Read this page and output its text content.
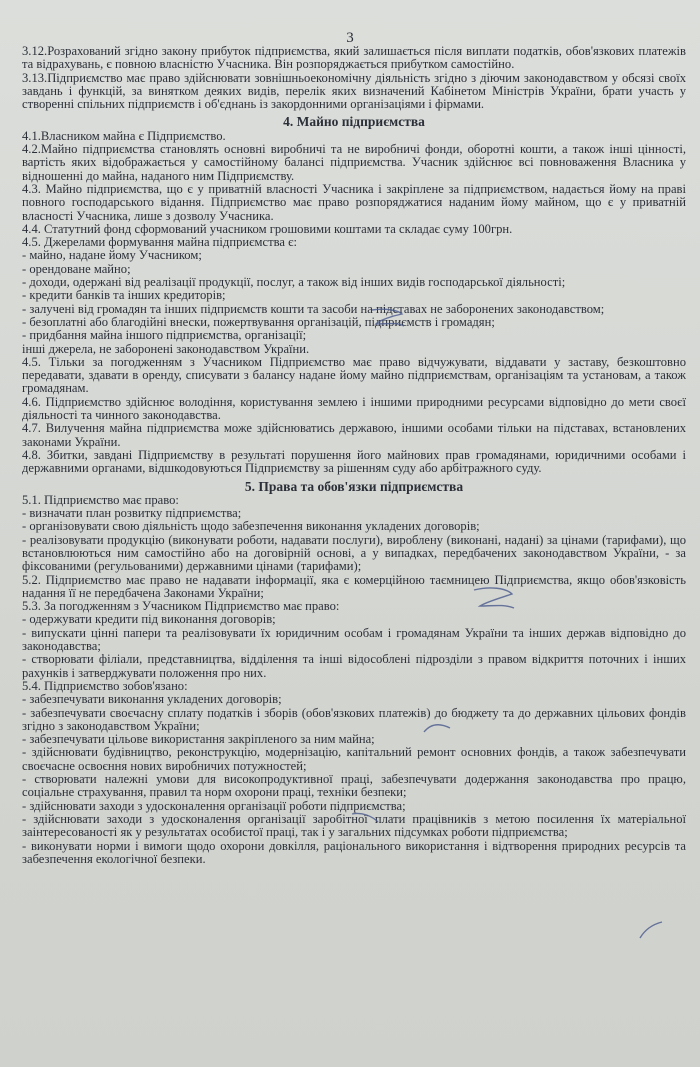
3

3.12.Розрахований згідно закону прибуток підприємства, який залишається після виплати податків, обов'язкових платежів та відрахувань, є повною власністю Учасника. Він розпоряджається прибутком самостійно.

3.13.Підприємство має право здійснювати зовнішньоекономічну діяльність згідно з діючим законодавством у обсязі своїх завдань і функцій, за винятком деяких видів, перелік яких визначений Кабінетом Міністрів України, брати участь у створенні спільних підприємств і об'єднань із закордонними організаціями і фірмами.

4. Майно підприємства

4.1.Власником майна є Підприємство.

4.2.Майно підприємства становлять основні виробничі та не виробничі фонди, оборотні кошти, а також інші цінності, вартість яких відображається у самостійному балансі підприємства. Учасник здійснює всі повноваження Власника у відношенні до майна, наданого ним Підприємству.

4.3. Майно підприємства, що є у приватній власності Учасника і закріплене за підприємством, надається йому на праві повного господарського відання. Підприємство має право розпоряджатися наданим йому майном, що є у приватній власності Учасника, лише з дозволу Учасника.

4.4. Статутний фонд сформований учасником грошовими коштами та складає суму 100грн.

4.5. Джерелами формування майна підприємства є:

- майно, надане йому Учасником;

- орендоване майно;

- доходи, одержані від реалізації продукції, послуг, а також від інших видів господарської діяльності;

- кредити банків та інших кредиторів;

- залучені від громадян та інших підприємств кошти та засоби на підставах не заборонених законодавством;

- безоплатні або благодійні внески, пожертвування організацій, підприємств і громадян;

- придбання майна іншого підприємства, організації;

інші джерела, не заборонені законодавством України.

4.5. Тільки за погодженням з Учасником Підприємство має право відчужувати, віддавати у заставу, безкоштовно передавати, здавати в оренду, списувати з балансу надане йому майно підприємствам, організаціям та установам, а також громадянам.

4.6. Підприємство здійснює володіння, користування землею і іншими природними ресурсами відповідно до мети своєї діяльності та чинного законодавства.

4.7. Вилучення майна підприємства може здійснюватись державою, іншими особами тільки на підставах, встановлених законами України.

4.8. Збитки, завдані Підприємству в результаті порушення його майнових прав громадянами, юридичними особами і державними органами, відшкодовуються Підприємству за рішенням суду або арбітражного суду.

5. Права та обов'язки підприємства

5.1. Підприємство має право:

- визначати план розвитку підприємства;

- організовувати свою діяльність щодо забезпечення виконання укладених договорів;

- реалізовувати продукцію (виконувати роботи, надавати послуги), вироблену (виконані, надані) за цінами (тарифами), що встановлюються ним самостійно або на договірній основі, а у випадках, передбачених законодавством України, - за фіксованими (регульованими) державними цінами (тарифами);

5.2. Підприємство має право не надавати інформації, яка є комерційною таємницею Підприємства, якщо обов'язковість надання її не передбачена Законами України;

5.3. За погодженням з Учасником Підприємство має право:

- одержувати кредити під виконання договорів;

- випускати цінні папери та реалізовувати їх юридичним особам і громадянам України та інших держав відповідно до законодавства;

- створювати філіали, представництва, відділення та інші відособлені підрозділи з правом відкриття поточних і інших рахунків і затверджувати положення про них.

5.4. Підприємство зобов'язано:

- забезпечувати виконання укладених договорів;

- забезпечувати своєчасну сплату податків і зборів (обов'язкових платежів) до бюджету та до державних цільових фондів згідно з законодавством України;

- забезпечувати цільове використання закріпленого за ним майна;

- здійснювати будівництво, реконструкцію, модернізацію, капітальний ремонт основних фондів, а також забезпечувати своєчасне освоєння нових виробничих потужностей;

- створювати належні умови для високопродуктивної праці, забезпечувати додержання законодавства про працю, соціальне страхування, правил та норм охорони праці, техніки безпеки;

- здійснювати заходи з удосконалення організації роботи підприємства;

- здійснювати заходи з удосконалення організації заробітної плати працівників з метою посилення їх матеріальної заінтересованості як у результатах особистої праці, так і у загальних підсумках роботи підприємства;

- виконувати норми і вимоги щодо охорони довкілля, раціонального використання і відтворення природних ресурсів та забезпечення екологічної безпеки.
